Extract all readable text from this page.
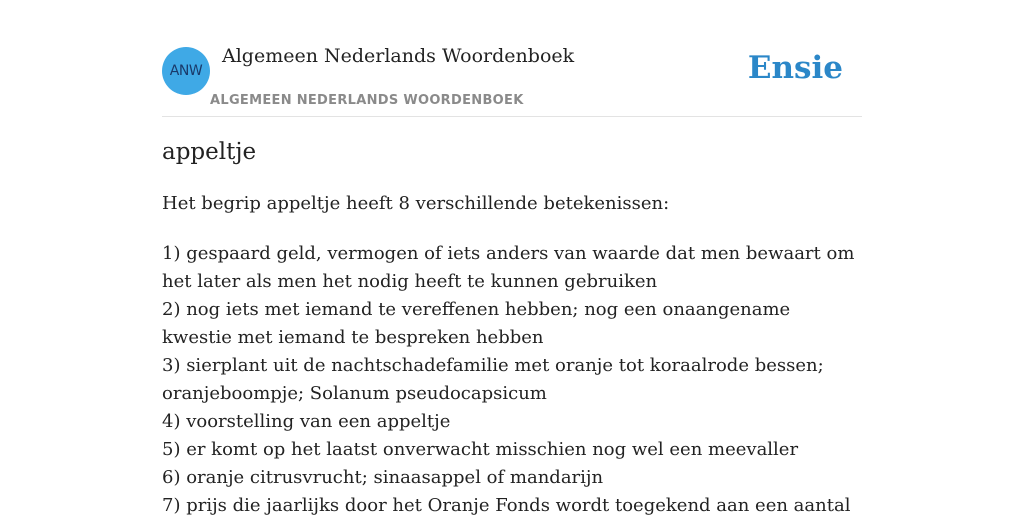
ANW
Algemeen Nederlands Woordenboek
ALGEMEEN NEDERLANDS WOORDENBOEK
Ensie
appeltje

Het begrip appeltje heeft 8 verschillende betekenissen:

1) gespaard geld, vermogen of iets anders van waarde dat men bewaart om het later als men het nodig heeft te kunnen gebruiken
2) nog iets met iemand te vereffenen hebben; nog een onaangename kwestie met iemand te bespreken hebben
3) sierplant uit de nachtschadefamilie met oranje tot koraalrode bessen; oranjeboompje; Solanum pseudocapsicum
4) voorstelling van een appeltje
5) er komt op het laatst onverwacht misschien nog wel een meevaller
6) oranje citrusvrucht; sinaasappel of mandarijn
7) prijs die jaarlijks door het Oranje Fonds wordt toegekend aan een aantal
